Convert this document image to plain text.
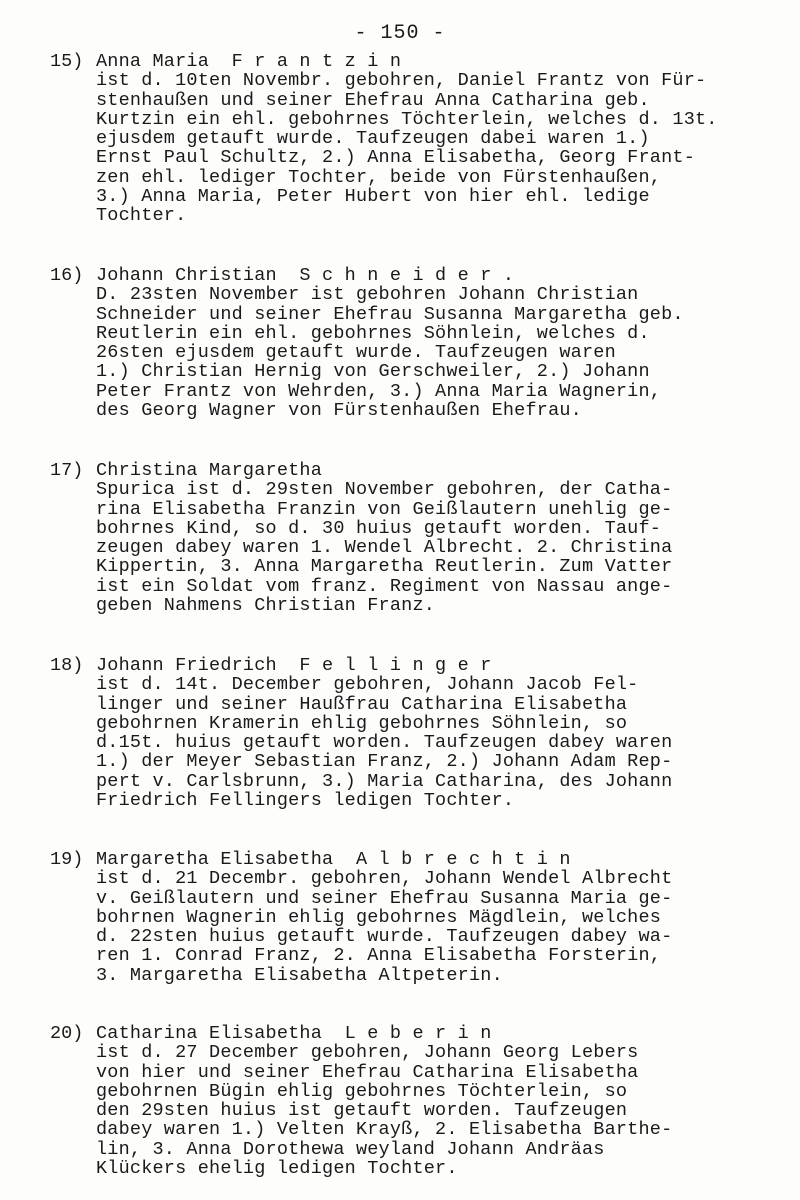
- 150 -
15) Anna Maria  F r a n t z i n
ist d. 10ten Novembr. gebohren, Daniel Frantz von Für-
stenhaußen und seiner Ehefrau Anna Catharina geb.
Kurtzin ein ehl. gebohrnes Töchterlein, welches d. 13t.
ejusdem getauft wurde. Taufzeugen dabei waren 1.)
Ernst Paul Schultz, 2.) Anna Elisabetha, Georg Frant-
zen ehl. lediger Tochter, beide von Fürstenhaußen,
3.) Anna Maria, Peter Hubert von hier ehl. ledige
Tochter.
16) Johann Christian  S c h n e i d e r .
D. 23sten November ist gebohren Johann Christian
Schneider und seiner Ehefrau Susanna Margaretha geb.
Reutlerin ein ehl. gebohrnes Söhnlein, welches d.
26sten ejusdem getauft wurde. Taufzeugen waren
1.) Christian Hernig von Gerschweiler, 2.) Johann
Peter Frantz von Wehrden, 3.) Anna Maria Wagnerin,
des Georg Wagner von Fürstenhaußen Ehefrau.
17) Christina Margaretha
Spurica ist d. 29sten November gebohren, der Catha-
rina Elisabetha Franzin von Geißlautern unehlig ge-
bohrnes Kind, so d. 30 huius getauft worden. Tauf-
zeugen dabey waren 1. Wendel Albrecht. 2. Christina
Kippertin, 3. Anna Margaretha Reutlerin. Zum Vatter
ist ein Soldat vom franz. Regiment von Nassau ange-
geben Nahmens Christian Franz.
18) Johann Friedrich  F e l l i n g e r
ist d. 14t. December gebohren, Johann Jacob Fel-
linger und seiner Haußfrau Catharina Elisabetha
gebohrnen Kramerin ehlig gebohrnes Söhnlein, so
d.15t. huius getauft worden. Taufzeugen dabey waren
1.) der Meyer Sebastian Franz, 2.) Johann Adam Rep-
pert v. Carlsbrunn, 3.) Maria Catharina, des Johann
Friedrich Fellingers ledigen Tochter.
19) Margaretha Elisabetha  A l b r e c h t i n
ist d. 21 Decembr. gebohren, Johann Wendel Albrecht
v. Geißlautern und seiner Ehefrau Susanna Maria ge-
bohrnen Wagnerin ehlig gebohrnes Mägdlein, welches
d. 22sten huius getauft wurde. Taufzeugen dabey wa-
ren 1. Conrad Franz, 2. Anna Elisabetha Forsterin,
3. Margaretha Elisabetha Altpeterin.
20) Catharina Elisabetha  L e b e r i n
ist d. 27 December gebohren, Johann Georg Lebers
von hier und seiner Ehefrau Catharina Elisabetha
gebohrnen Bügin ehlig gebohrnes Töchterlein, so
den 29sten huius ist getauft worden. Taufzeugen
dabey waren 1.) Velten Krayß, 2. Elisabetha Barthe-
lin, 3. Anna Dorothewa weyland Johann Andräas
Klückers ehelig ledigen Tochter.
